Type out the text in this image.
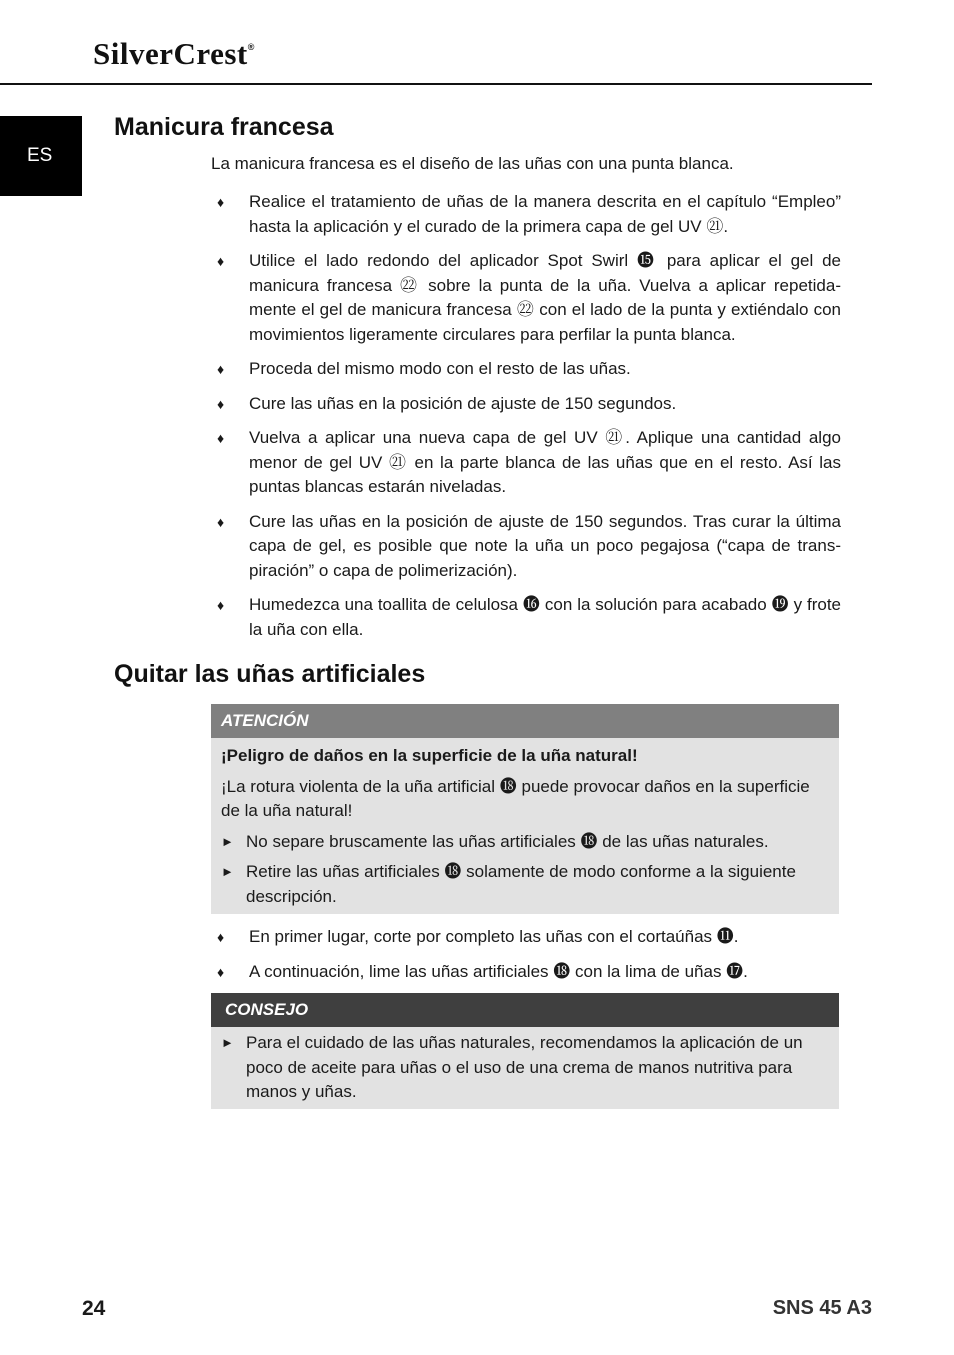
SilverCrest®
ES
Manicura francesa
La manicura francesa es el diseño de las uñas con una punta blanca.
♦ Realice el tratamiento de uñas de la manera descrita en el capítulo “Empleo” hasta la aplicación y el curado de la primera capa de gel UV ㉑.
♦ Utilice el lado redondo del aplicador Spot Swirl ⓯ para aplicar el gel de manicura francesa ㉒ sobre la punta de la uña. Vuelva a aplicar repetida-mente el gel de manicura francesa ㉒ con el lado de la punta y extiéndalo con movimientos ligeramente circulares para perfilar la punta blanca.
♦ Proceda del mismo modo con el resto de las uñas.
♦ Cure las uñas en la posición de ajuste de 150 segundos.
♦ Vuelva a aplicar una nueva capa de gel UV ㉑. Aplique una cantidad algo menor de gel UV ㉑ en la parte blanca de las uñas que en el resto. Así las puntas blancas estarán niveladas.
♦ Cure las uñas en la posición de ajuste de 150 segundos. Tras curar la última capa de gel, es posible que note la uña un poco pegajosa (“capa de trans-piración” o capa de polimerización).
♦ Humedezca una toallita de celulosa ⓰ con la solución para acabado ⓳ y frote la uña con ella.
Quitar las uñas artificiales
ATENCIÓN

¡Peligro de daños en la superficie de la uña natural!

¡La rotura violenta de la uña artificial ⓲ puede provocar daños en la superficie de la uña natural!

► No separe bruscamente las uñas artificiales ⓲ de las uñas naturales.
► Retire las uñas artificiales ⓲ solamente de modo conforme a la siguiente descripción.
♦ En primer lugar, corte por completo las uñas con el cortaúñas ⓫.
♦ A continuación, lime las uñas artificiales ⓲ con la lima de uñas ⓱.
CONSEJO
► Para el cuidado de las uñas naturales, recomendamos la aplicación de un poco de aceite para uñas o el uso de una crema de manos nutritiva para manos y uñas.
24	SNS 45 A3
